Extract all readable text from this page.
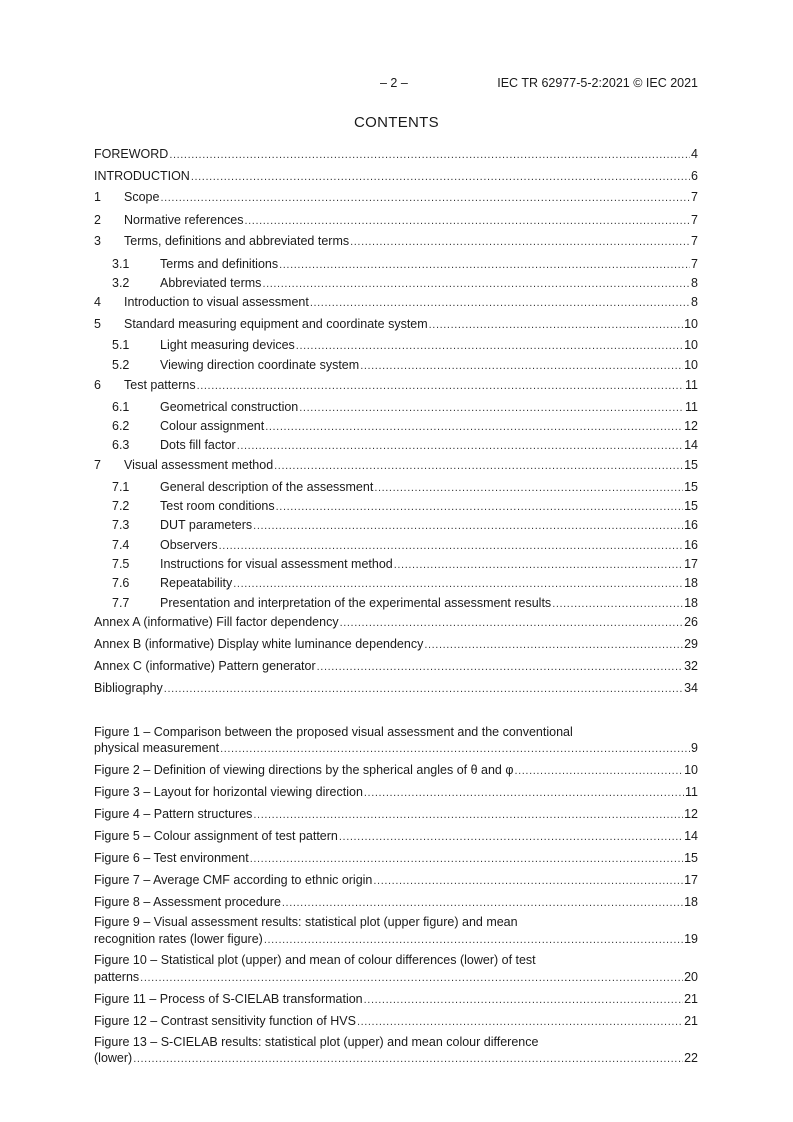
– 2 –	IEC TR 62977-5-2:2021 © IEC 2021
CONTENTS
FOREWORD .....	4
INTRODUCTION .....	6
1	Scope .....	7
2	Normative references .....	7
3	Terms, definitions and abbreviated terms .....	7
3.1	Terms and definitions .....	7
3.2	Abbreviated terms .....	8
4	Introduction to visual assessment .....	8
5	Standard measuring equipment and coordinate system .....	10
5.1	Light measuring devices .....	10
5.2	Viewing direction coordinate system .....	10
6	Test patterns .....	11
6.1	Geometrical construction .....	11
6.2	Colour assignment .....	12
6.3	Dots fill factor .....	14
7	Visual assessment method .....	15
7.1	General description of the assessment .....	15
7.2	Test room conditions .....	15
7.3	DUT parameters .....	16
7.4	Observers .....	16
7.5	Instructions for visual assessment method .....	17
7.6	Repeatability .....	18
7.7	Presentation and interpretation of the experimental assessment results .....	18
Annex A (informative) Fill factor dependency .....	26
Annex B (informative) Display white luminance dependency .....	29
Annex C (informative) Pattern generator .....	32
Bibliography .....	34
Figure 1 – Comparison between the proposed visual assessment and the conventional
physical measurement .....	9
Figure 2 – Definition of viewing directions by the spherical angles of θ and φ .....	10
Figure 3 – Layout for horizontal viewing direction .....	11
Figure 4 – Pattern structures .....	12
Figure 5 – Colour assignment of test pattern .....	14
Figure 6 – Test environment .....	15
Figure 7 – Average CMF according to ethnic origin .....	17
Figure 8 – Assessment procedure .....	18
Figure 9 – Visual assessment results: statistical plot (upper figure) and mean
recognition rates (lower figure) .....	19
Figure 10 – Statistical plot (upper) and mean of colour differences (lower) of test
patterns .....	20
Figure 11 – Process of S-CIELAB transformation .....	21
Figure 12 – Contrast sensitivity function of HVS .....	21
Figure 13 – S-CIELAB results: statistical plot (upper) and mean colour difference
(lower) .....	22
